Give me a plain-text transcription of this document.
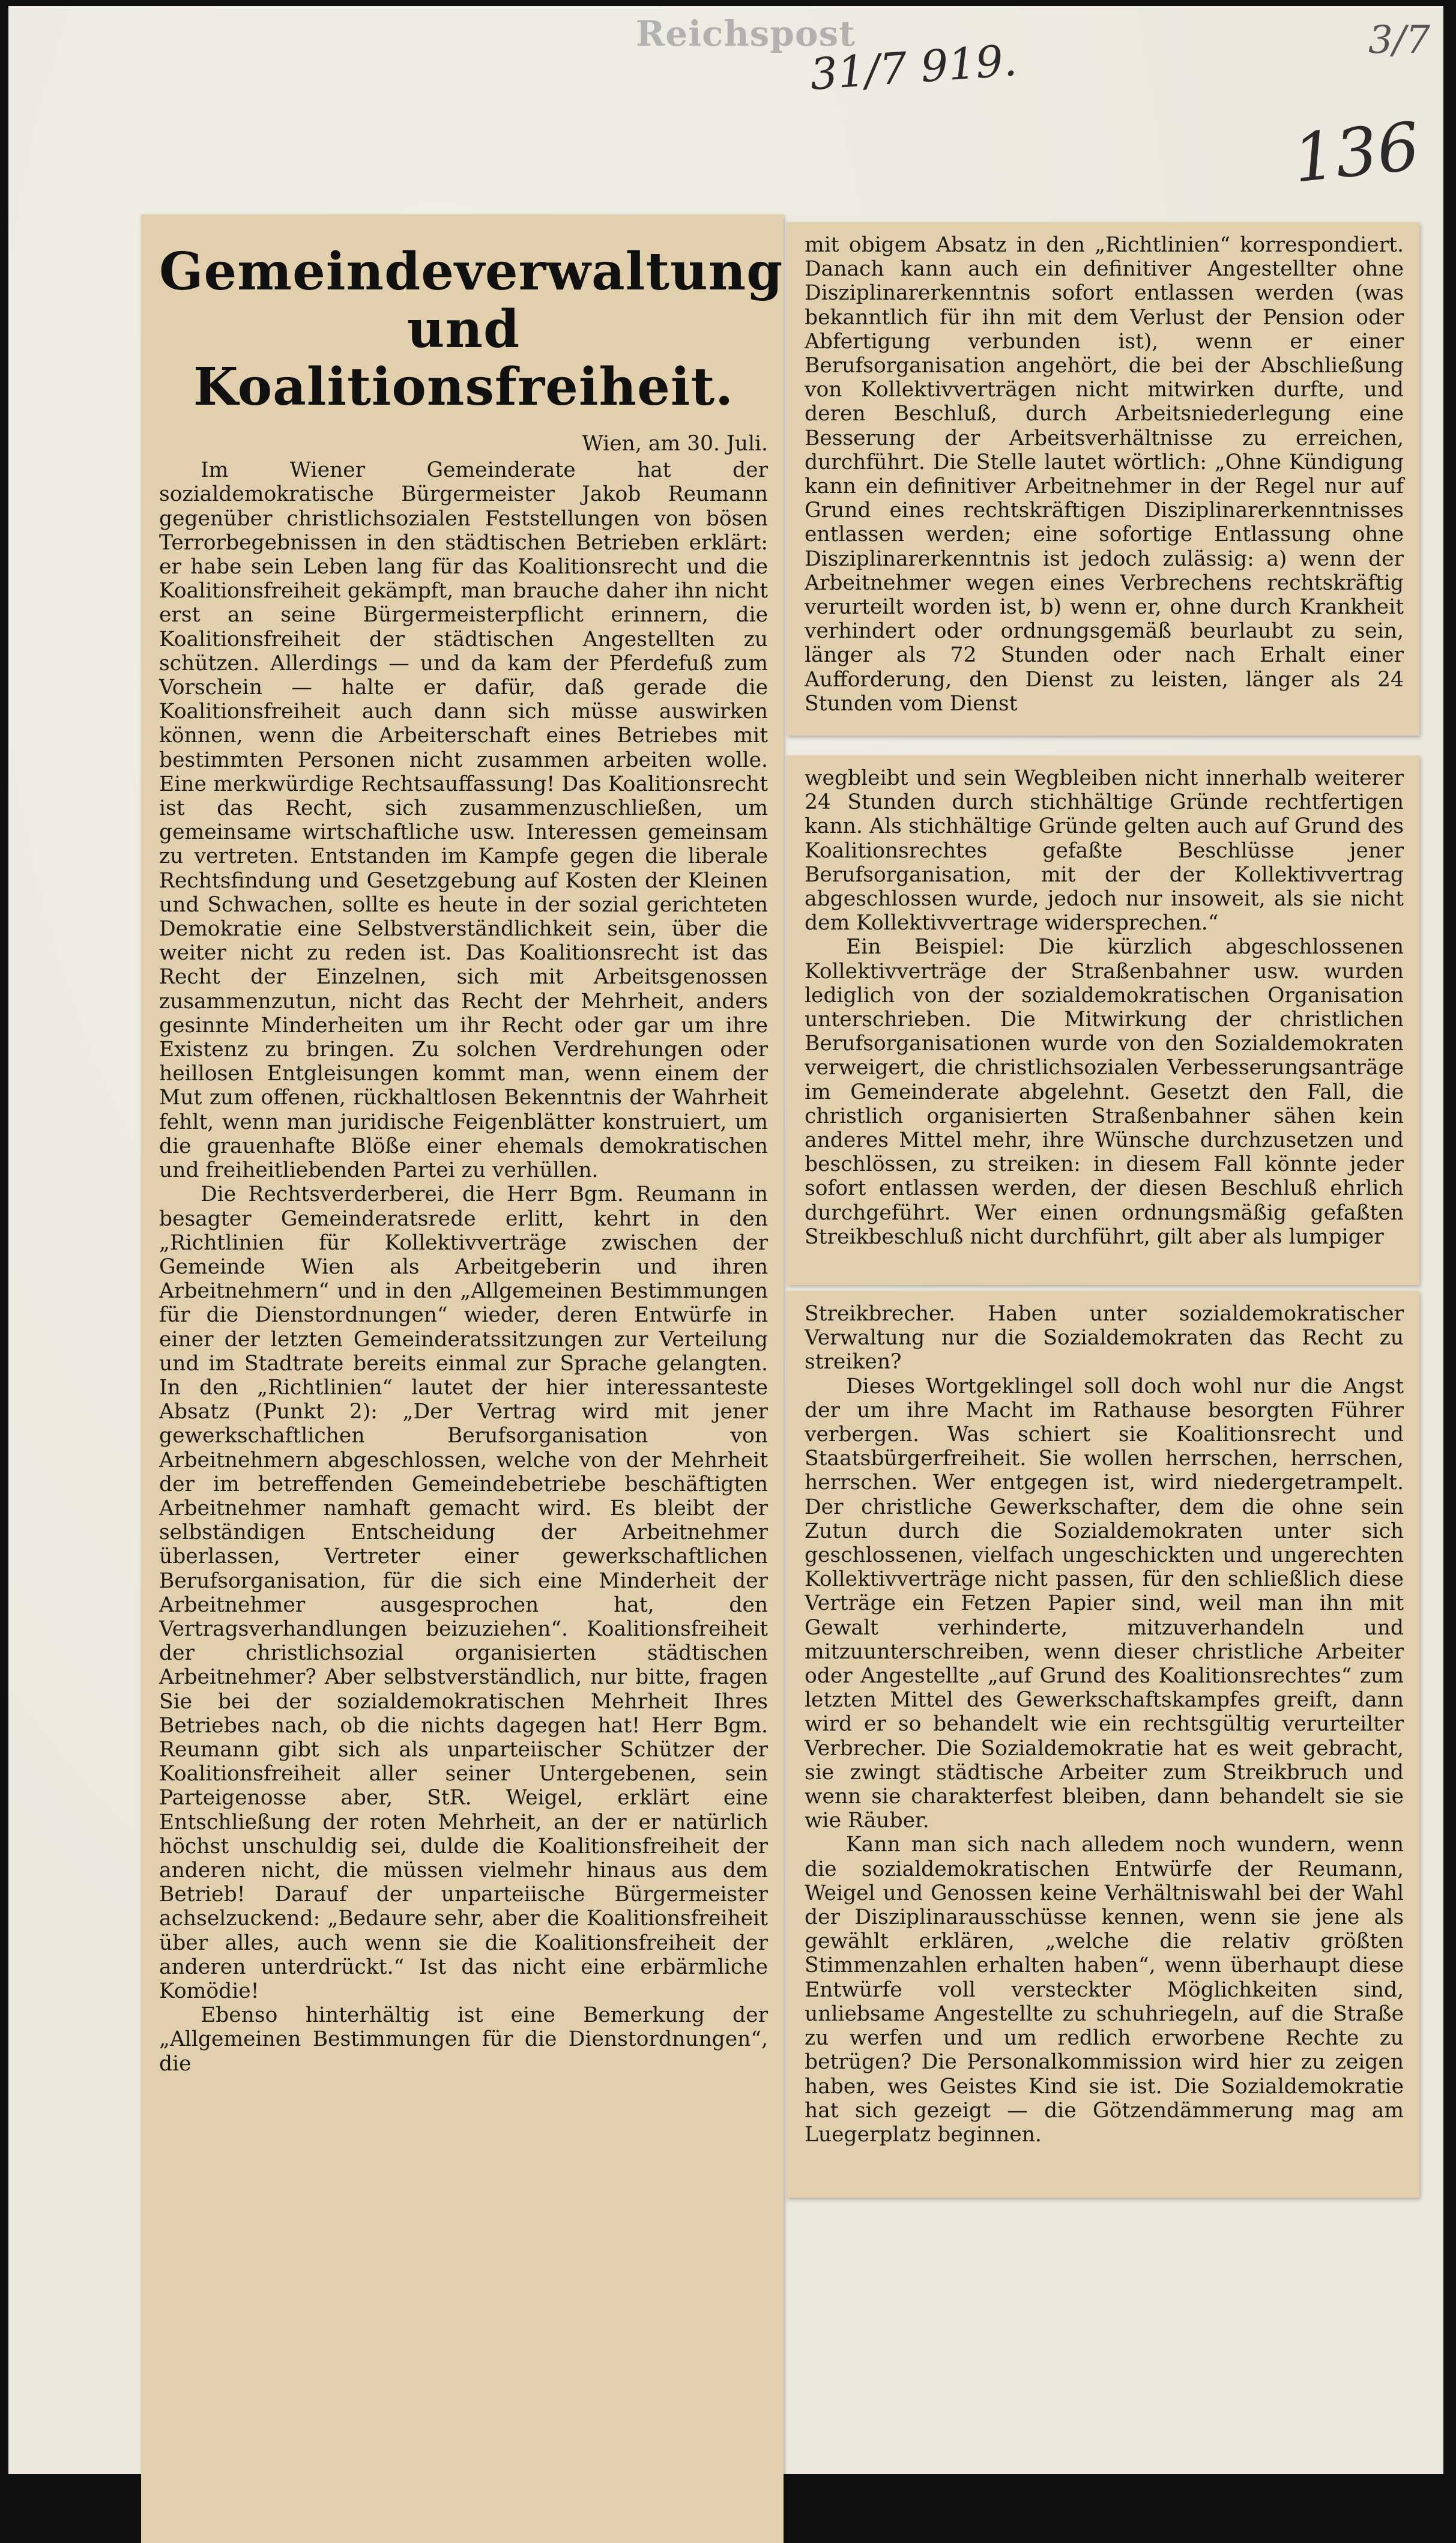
Reichspost
31/7 919.	3/7
136
Gemeindeverwaltung und
Koalitionsfreiheit.

Wien, am 30. Juli.

Im Wiener Gemeinderate hat der sozialdemokratische Bürgermeister Jakob Reumann gegenüber christlichsozialen Feststellungen von bösen Terrorbegebnissen in den städtischen Betrieben erklärt: er habe sein Leben lang für das Koalitionsrecht und die Koalitionsfreiheit gekämpft, man brauche daher ihn nicht erst an seine Bürgermeisterpflicht erinnern, die Koalitionsfreiheit der städtischen Angestellten zu schützen. Allerdings — und da kam der Pferdefuß zum Vorschein — halte er dafür, daß gerade die Koalitionsfreiheit auch dann sich müsse auswirken können, wenn die Arbeiterschaft eines Betriebes mit bestimmten Personen nicht zusammen arbeiten wolle. Eine merkwürdige Rechtsauffassung! Das Koalitionsrecht ist das Recht, sich zusammenzuschließen, um gemeinsame wirtschaftliche usw. Interessen gemeinsam zu vertreten. Entstanden im Kampfe gegen die liberale Rechtsfindung und Gesetzgebung auf Kosten der Kleinen und Schwachen, sollte es heute in der sozial gerichteten Demokratie eine Selbstverständlichkeit sein, über die weiter nicht zu reden ist. Das Koalitionsrecht ist das Recht der Einzelnen, sich mit Arbeitsgenossen zusammenzutun, nicht das Recht der Mehrheit, anders gesinnte Minderheiten um ihr Recht oder gar um ihre Existenz zu bringen. Zu solchen Verdrehungen oder heillosen Entgleisungen kommt man, wenn einem der Mut zum offenen, rückhaltlosen Bekenntnis der Wahrheit fehlt, wenn man juridische Feigenblätter konstruiert, um die grauenhafte Blöße einer ehemals demokratischen und freiheitliebenden Partei zu verhüllen.

Die Rechtsverderberei, die Herr Bgm. Reumann in besagter Gemeinderatsrede erlitt, kehrt in den „Richtlinien für Kollektivverträge zwischen der Gemeinde Wien als Arbeitgeberin und ihren Arbeitnehmern“ und in den „Allgemeinen Bestimmungen für die Dienstordnungen“ wieder, deren Entwürfe in einer der letzten Gemeinderatssitzungen zur Verteilung und im Stadtrate bereits einmal zur Sprache gelangten. In den „Richtlinien“ lautet der hier interessanteste Absatz (Punkt 2): „Der Vertrag wird mit jener gewerkschaftlichen Berufsorganisation von Arbeitnehmern abgeschlossen, welche von der Mehrheit der im betreffenden Gemeindebetriebe beschäftigten Arbeitnehmer namhaft gemacht wird. Es bleibt der selbständigen Entscheidung der Arbeitnehmer überlassen, Vertreter einer gewerkschaftlichen Berufsorganisation, für die sich eine Minderheit der Arbeitnehmer ausgesprochen hat, den Vertragsverhandlungen beizuziehen“. Koalitionsfreiheit der christlichsozial organisierten städtischen Arbeitnehmer? Aber selbstverständlich, nur bitte, fragen Sie bei der sozialdemokratischen Mehrheit Ihres Betriebes nach, ob die nichts dagegen hat! Herr Bgm. Reumann gibt sich als unparteiischer Schützer der Koalitionsfreiheit aller seiner Untergebenen, sein Parteigenosse aber, StR. Weigel, erklärt eine Entschließung der roten Mehrheit, an der er natürlich höchst unschuldig sei, dulde die Koalitionsfreiheit der anderen nicht, die müssen vielmehr hinaus aus dem Betrieb! Darauf der unparteiische Bürgermeister achselzuckend: „Bedaure sehr, aber die Koalitionsfreiheit über alles, auch wenn sie die Koalitionsfreiheit der anderen unterdrückt.“ Ist das nicht eine erbärmliche Komödie!

Ebenso hinterhältig ist eine Bemerkung der „Allgemeinen Bestimmungen für die Dienstordnungen“, die

mit obigem Absatz in den „Richtlinien“ korrespondiert. Danach kann auch ein definitiver Angestellter ohne Disziplinarerkenntnis sofort entlassen werden (was bekanntlich für ihn mit dem Verlust der Pension oder Abfertigung verbunden ist), wenn er einer Berufsorganisation angehört, die bei der Abschließung von Kollektivverträgen nicht mitwirken durfte, und deren Beschluß, durch Arbeitsniederlegung eine Besserung der Arbeitsverhältnisse zu erreichen, durchführt. Die Stelle lautet wörtlich: „Ohne Kündigung kann ein definitiver Arbeitnehmer in der Regel nur auf Grund eines rechtskräftigen Disziplinarerkenntnisses entlassen werden; eine sofortige Entlassung ohne Disziplinarerkenntnis ist jedoch zulässig: a) wenn der Arbeitnehmer wegen eines Verbrechens rechtskräftig verurteilt worden ist, b) wenn er, ohne durch Krankheit verhindert oder ordnungsgemäß beurlaubt zu sein, länger als 72 Stunden oder nach Erhalt einer Aufforderung, den Dienst zu leisten, länger als 24 Stunden vom Dienst

wegbleibt und sein Wegbleiben nicht innerhalb weiterer 24 Stunden durch stichhältige Gründe rechtfertigen kann. Als stichhältige Gründe gelten auch auf Grund des Koalitionsrechtes gefaßte Beschlüsse jener Berufsorganisation, mit der der Kollektivvertrag abgeschlossen wurde, jedoch nur insoweit, als sie nicht dem Kollektivvertrage widersprechen.“

Ein Beispiel: Die kürzlich abgeschlossenen Kollektivverträge der Straßenbahner usw. wurden lediglich von der sozialdemokratischen Organisation unterschrieben. Die Mitwirkung der christlichen Berufsorganisationen wurde von den Sozialdemokraten verweigert, die christlichsozialen Verbesserungsanträge im Gemeinderate abgelehnt. Gesetzt den Fall, die christlich organisierten Straßenbahner sähen kein anderes Mittel mehr, ihre Wünsche durchzusetzen und beschlössen, zu streiken: in diesem Fall könnte jeder sofort entlassen werden, der diesen Beschluß ehrlich durchgeführt. Wer einen ordnungsmäßig gefaßten Streikbeschluß nicht durchführt, gilt aber als lumpiger

Streikbrecher. Haben unter sozialdemokratischer Verwaltung nur die Sozialdemokraten das Recht zu streiken?

Dieses Wortgeklingel soll doch wohl nur die Angst der um ihre Macht im Rathause besorgten Führer verbergen. Was schiert sie Koalitionsrecht und Staatsbürgerfreiheit. Sie wollen herrschen, herrschen, herrschen. Wer entgegen ist, wird niedergetrampelt. Der christliche Gewerkschafter, dem die ohne sein Zutun durch die Sozialdemokraten unter sich geschlossenen, vielfach ungeschickten und ungerechten Kollektivverträge nicht passen, für den schließlich diese Verträge ein Fetzen Papier sind, weil man ihn mit Gewalt verhinderte, mitzuverhandeln und mitzuunterschreiben, wenn dieser christliche Arbeiter oder Angestellte „auf Grund des Koalitionsrechtes“ zum letzten Mittel des Gewerkschaftskampfes greift, dann wird er so behandelt wie ein rechtsgültig verurteilter Verbrecher. Die Sozialdemokratie hat es weit gebracht, sie zwingt städtische Arbeiter zum Streikbruch und wenn sie charakterfest bleiben, dann behandelt sie sie wie Räuber.

Kann man sich nach alledem noch wundern, wenn die sozialdemokratischen Entwürfe der Reumann, Weigel und Genossen keine Verhältniswahl bei der Wahl der Disziplinarausschüsse kennen, wenn sie jene als gewählt erklären, „welche die relativ größten Stimmenzahlen erhalten haben“, wenn überhaupt diese Entwürfe voll versteckter Möglichkeiten sind, unliebsame Angestellte zu schuhriegeln, auf die Straße zu werfen und um redlich erworbene Rechte zu betrügen? Die Personalkommission wird hier zu zeigen haben, wes Geistes Kind sie ist. Die Sozialdemokratie hat sich gezeigt — die Götzendämmerung mag am Luegerplatz beginnen.
